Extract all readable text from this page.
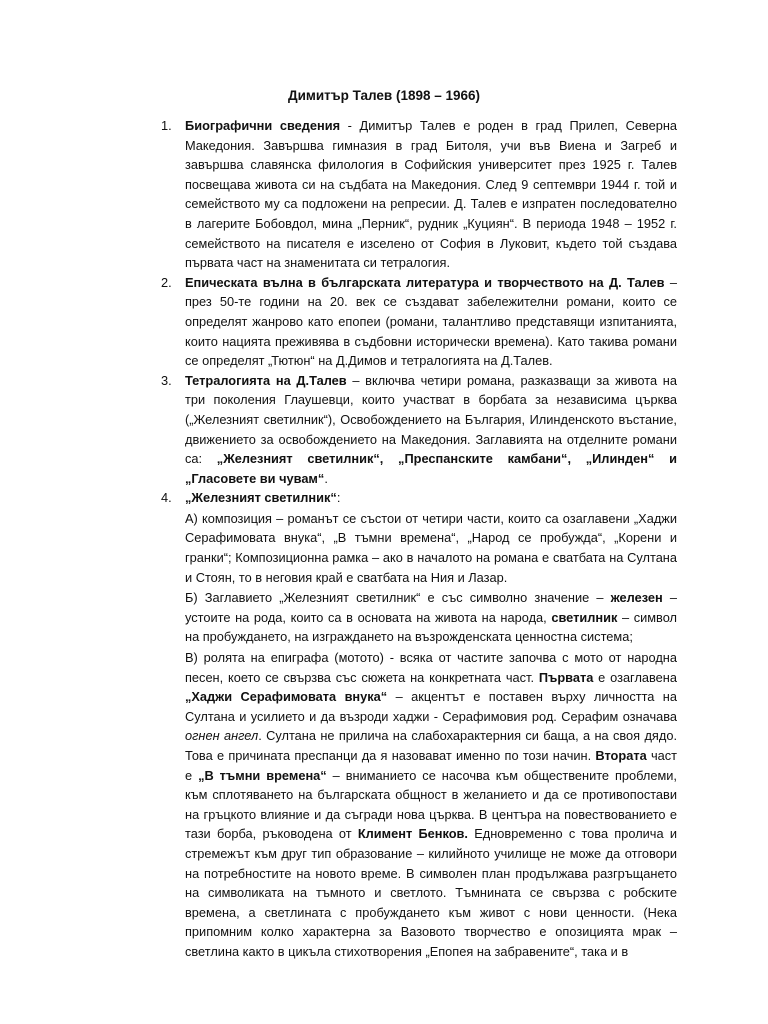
Димитър Талев (1898 – 1966)
1. Биографични сведения - Димитър Талев е роден в град Прилеп, Северна Македония. Завършва гимназия в град Битоля, учи във Виена и Загреб и завършва славянска филология в Софийския университет през 1925 г. Талев посвещава живота си на съдбата на Македония. След 9 септември 1944 г. той и семейството му са подложени на репресии. Д. Талев е изпратен последователно в лагерите Бобовдол, мина „Перник“, рудник „Куциян“. В периода 1948 – 1952 г. семейството на писателя е изселено от София в Луковит, където той създава първата част на знаменитата си тетралогия.

2. Епическата вълна в българската литература и творчеството на Д. Талев – през 50-те години на 20. век се създават забележителни романи, които се определят жанрово като епопеи (романи, талантливо представящи изпитанията, които нацията преживява в съдбовни исторически времена). Като такива романи се определят „Тютюн“ на Д.Димов и тетралогията на Д.Талев.

3. Тетралогията на Д.Талев – включва четири романа, разказващи за живота на три поколения Глаушевци, които участват в борбата за независима църква („Железният светилник“), Освобождението на България, Илинденското въстание, движението за освобождението на Македония. Заглавията на отделните романи са: „Железният светилник“, „Преспанските камбани“, „Илинден“ и „Гласовете ви чувам“.

4. „Железният светилник“:

А) композиция – романът се състои от четири части, които са озаглавени „Хаджи Серафимовата внука“, „В тъмни времена“, „Народ се пробужда“, „Корени и гранки“; Композиционна рамка – ако в началото на романа е сватбата на Султана и Стоян, то в неговия край е сватбата на Ния и Лазар.

Б) Заглавието „Железният светилник“ е със символно значение – железен – устоите на рода, които са в основата на живота на народа, светилник – символ на пробуждането, на изграждането на възрожденската ценностна система;

В) ролята на епиграфа (мотото) - всяка от частите започва с мото от народна песен, което се свързва със сюжета на конкретната част. Първата е озаглавена „Хаджи Серафимовата внука“ – акцентът е поставен върху личността на Султана и усилието и да възроди хаджи - Серафимовия род. Серафим означава огнен ангел. Султана не прилича на слабохарактерния си баща, а на своя дядо. Това е причината преспанци да я назовават именно по този начин. Втората част е „В тъмни времена“ – вниманието се насочва към обществените проблеми, към сплотяването на българската общност в желанието и да се противопостави на гръцкото влияние и да съгради нова църква. В центъра на повествованието е тази борба, ръководена от Климент Бенков. Едновременно с това пролича и стремежът към друг тип образование – килийното училище не може да отговори на потребностите на новото време. В символен план продължава разгръщането на символиката на тъмното и светлото. Тъмнината се свързва с робските времена, а светлината с пробуждането към живот с нови ценности. (Нека припомним колко характерна за Вазовото творчество е опозицията мрак – светлина както в цикъла стихотворения „Епопея на забравените“, така и в
